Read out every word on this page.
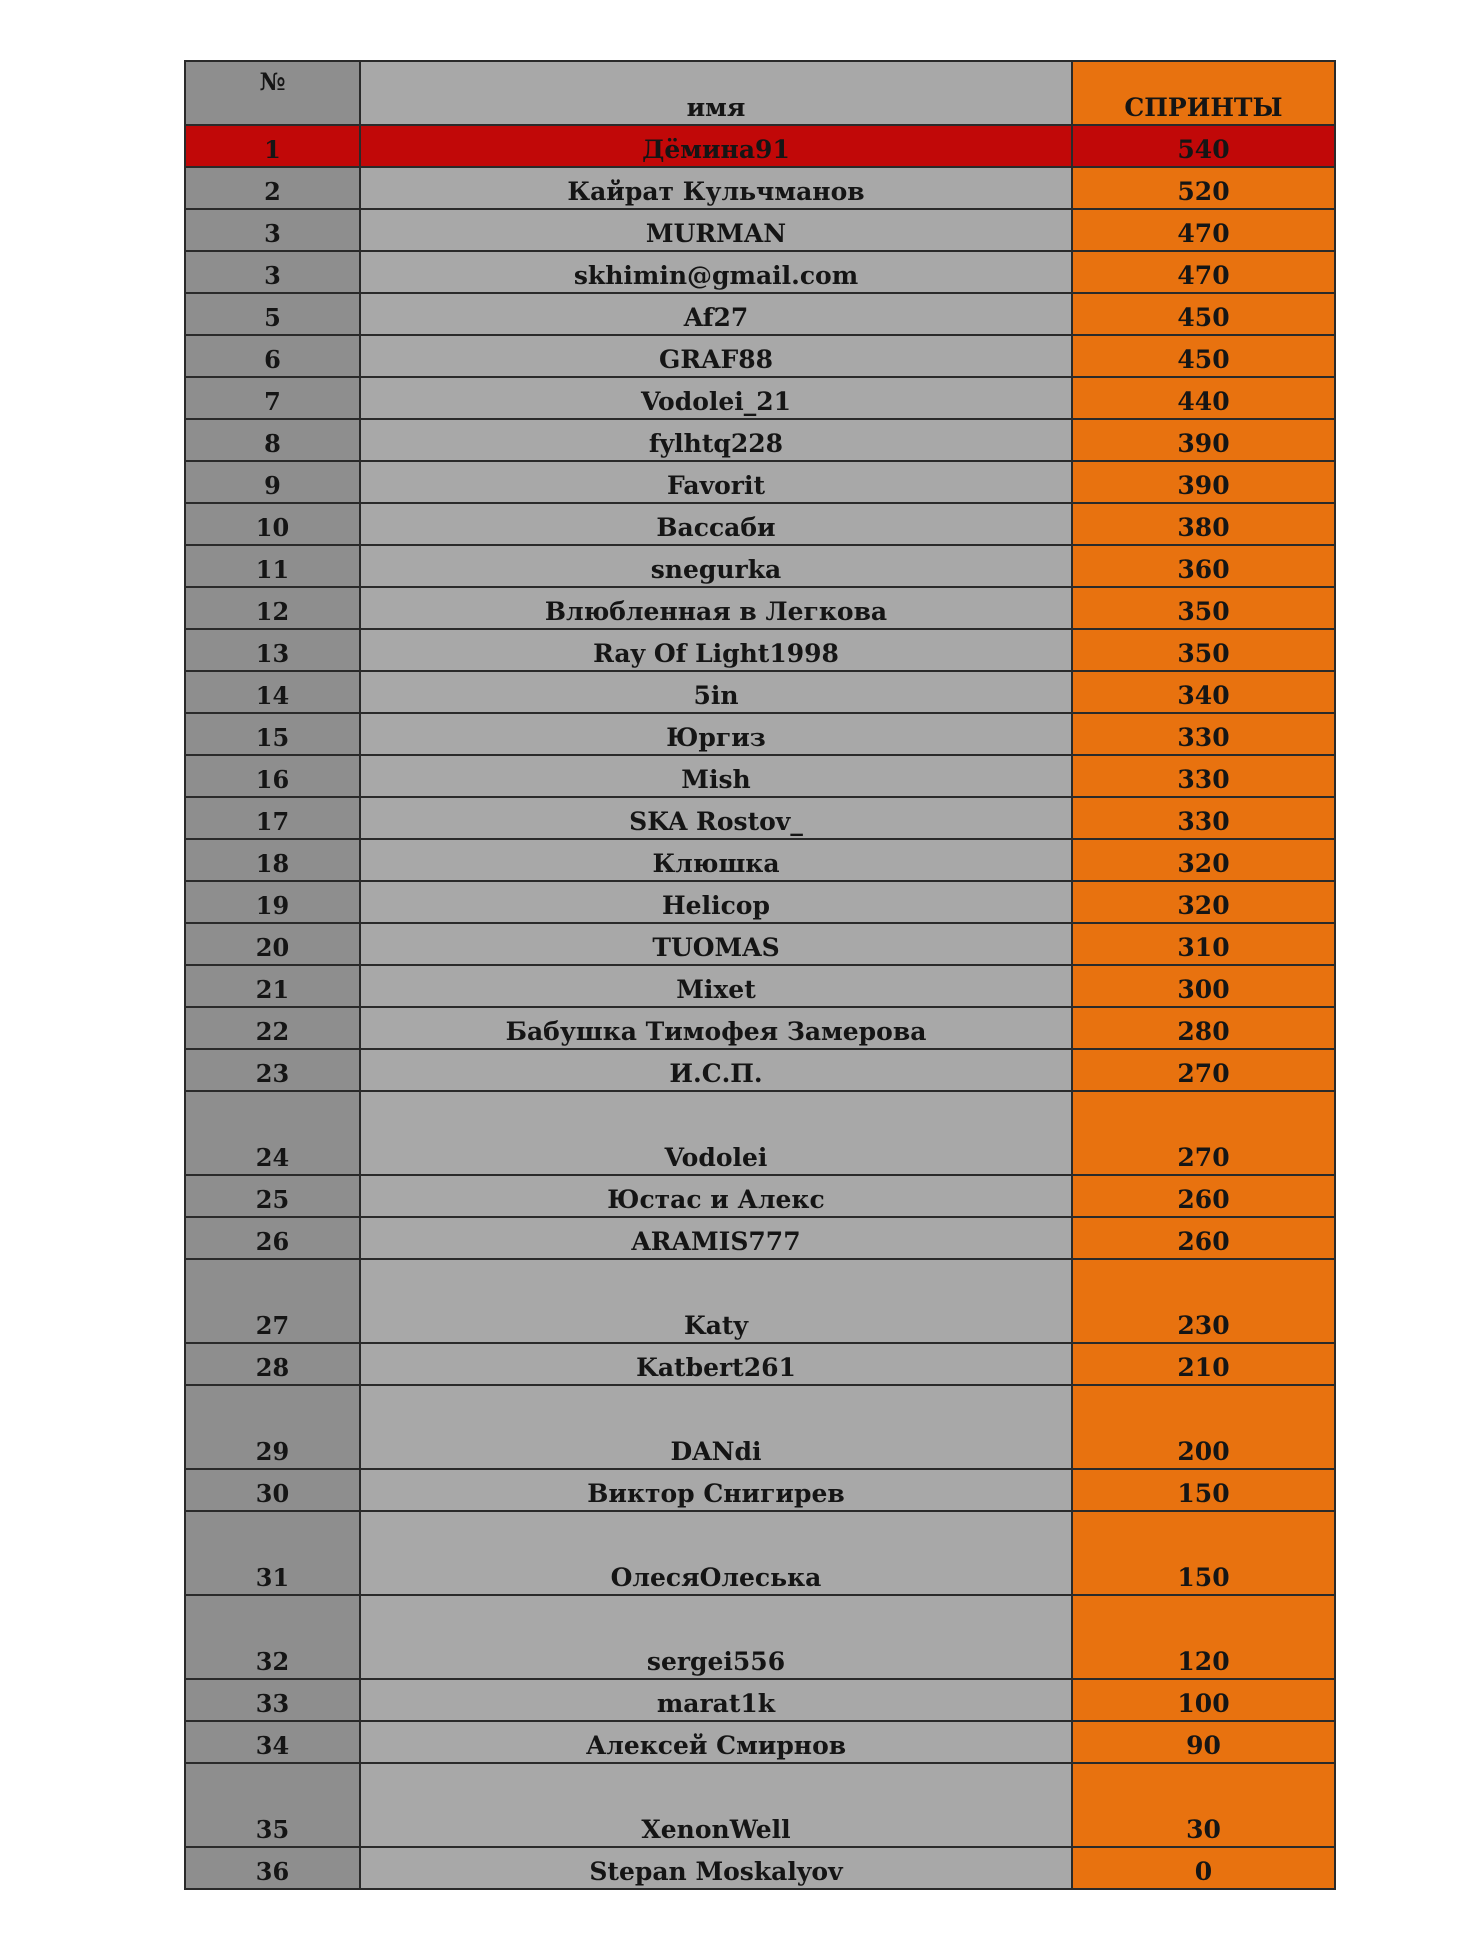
№	имя	СПРИНТЫ
1	Дёмина91	540
2	Кайрат Кульчманов	520
3	MURMAN	470
3	skhimin@gmail.com	470
5	Af27	450
6	GRAF88	450
7	Vodolei_21	440
8	fylhtq228	390
9	Favorit	390
10	Вассаби	380
11	snegurka	360
12	Влюбленная в Легкова	350
13	Ray Of Light1998	350
14	5in	340
15	Юргиз	330
16	Mish	330
17	SKA Rostov_	330
18	Клюшка	320
19	Helicop	320
20	TUOMAS	310
21	Mixet	300
22	Бабушка Тимофея Замерова	280
23	И.С.П.	270
24	Vodolei	270
25	Юстас и Алекс	260
26	ARAMIS777	260
27	Katy	230
28	Katbert261	210
29	DANdi	200
30	Виктор Снигирев	150
31	ОлесяОлеська	150
32	sergei556	120
33	marat1k	100
34	Алексей Смирнов	90
35	XenonWell	30
36	Stepan Moskalyov	0
